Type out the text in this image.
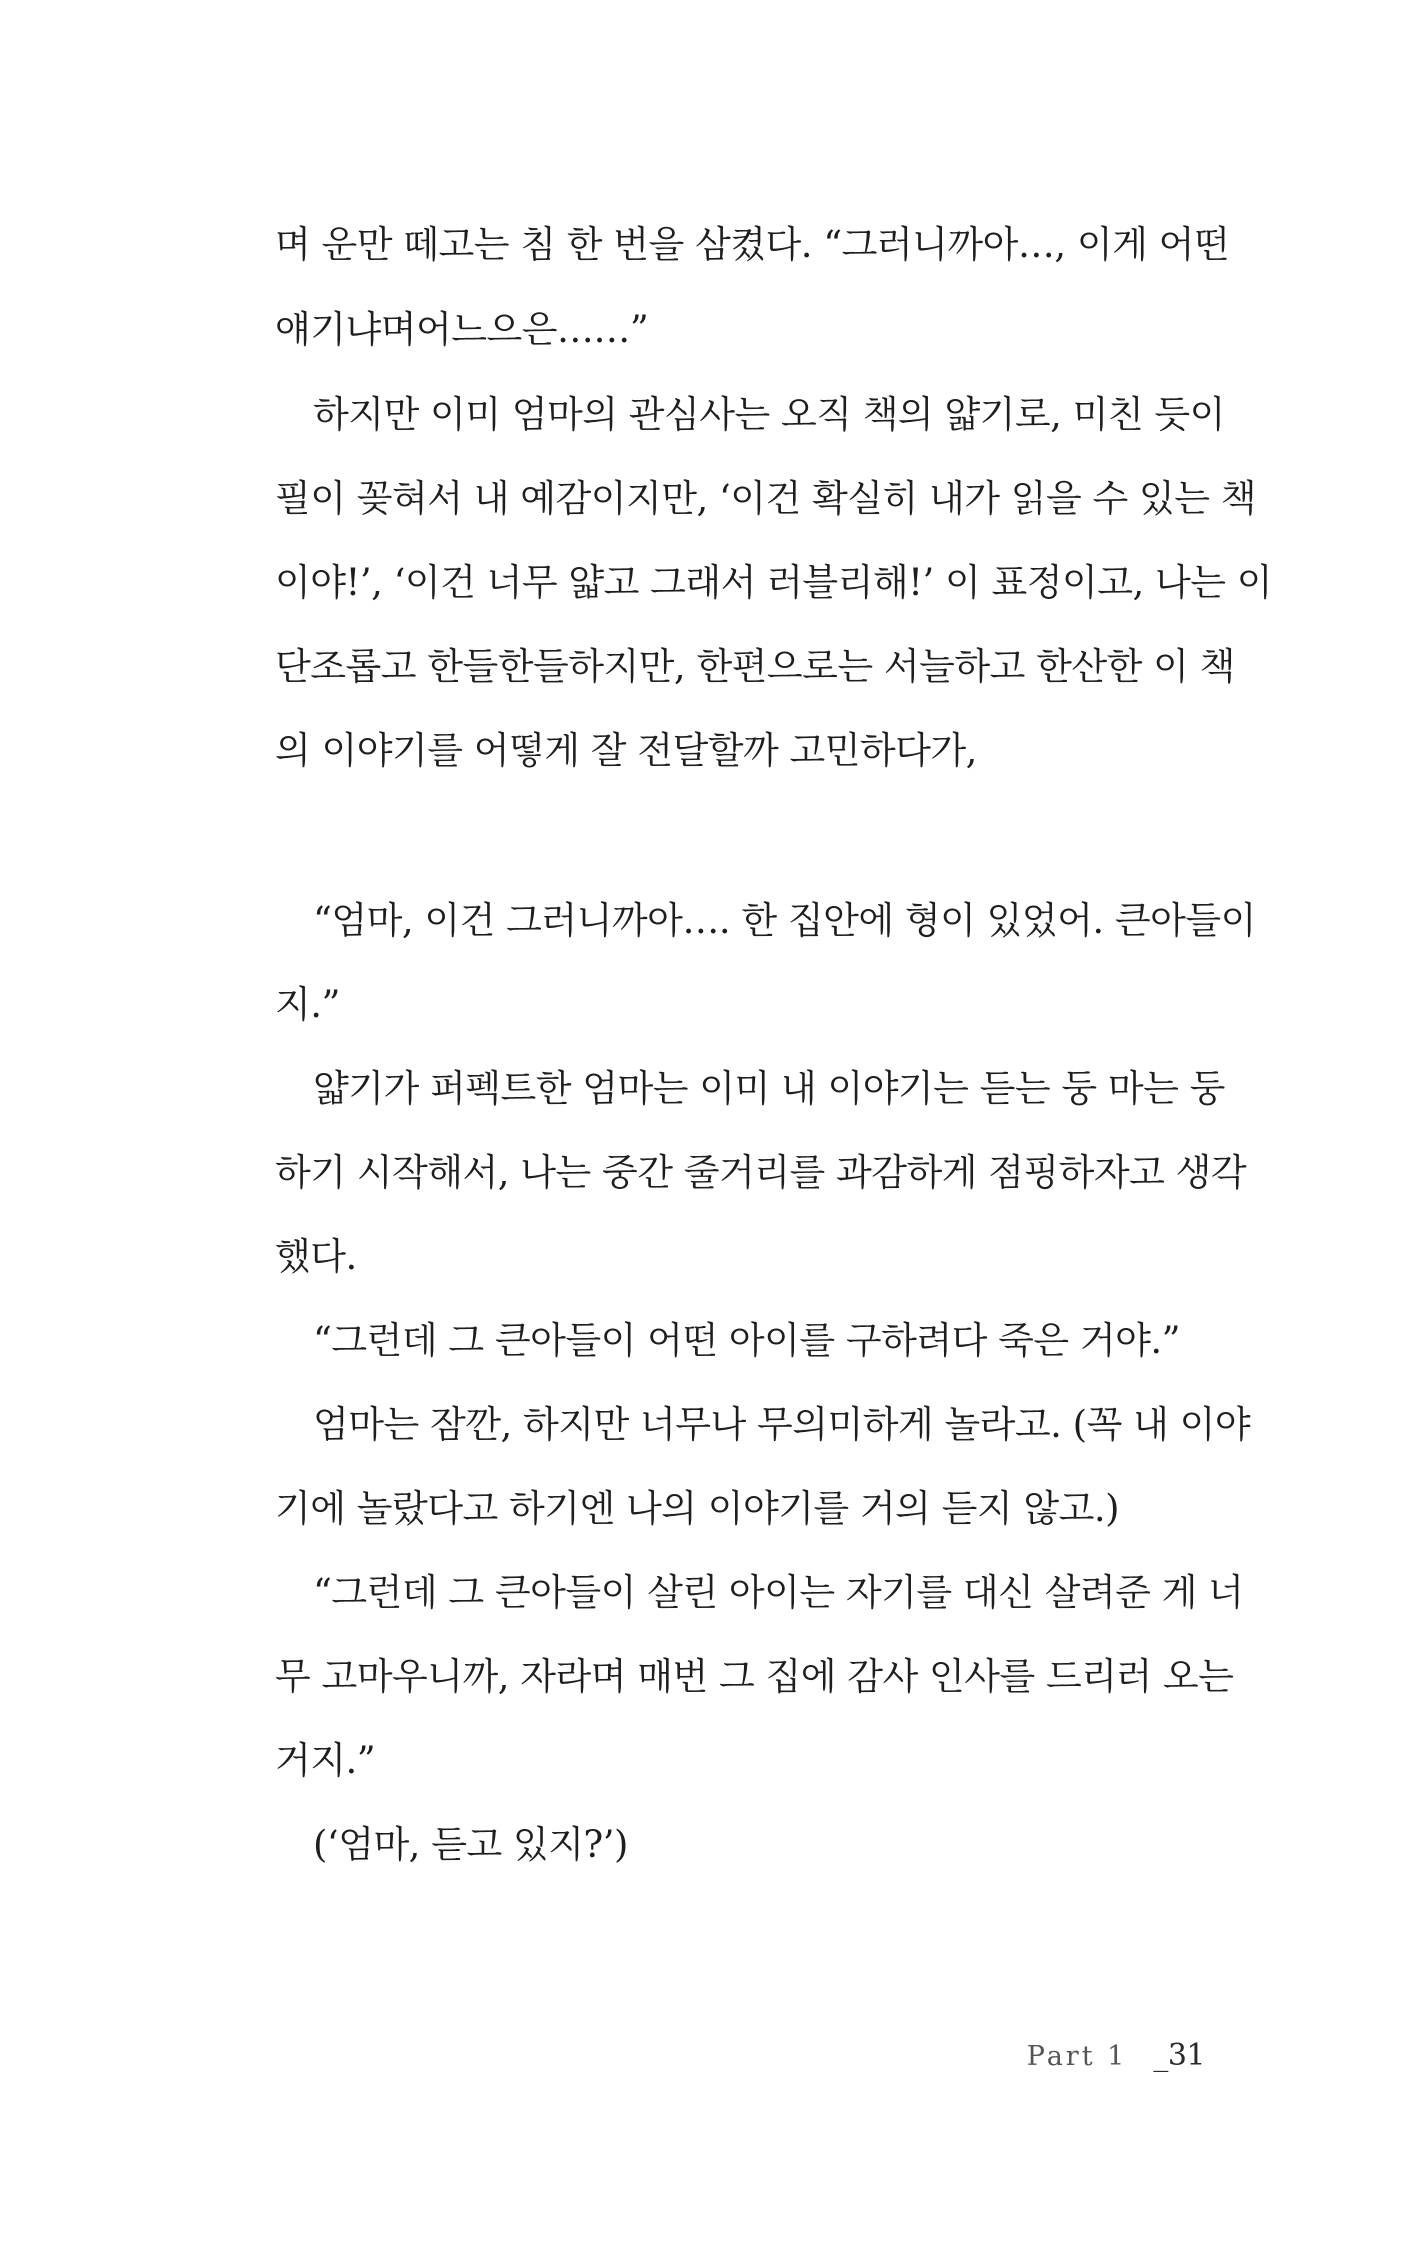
며 운만 떼고는 침 한 번을 삼켰다. “그러니까아…, 이게 어떤
얘기냐며어느으은……”
하지만 이미 엄마의 관심사는 오직 책의 얇기로, 미친 듯이
필이 꽂혀서 내 예감이지만, ‘이건 확실히 내가 읽을 수 있는 책
이야!’, ‘이건 너무 얇고 그래서 러블리해!’ 이 표정이고, 나는 이
단조롭고 한들한들하지만, 한편으로는 서늘하고 한산한 이 책
의 이야기를 어떻게 잘 전달할까 고민하다가,
“엄마, 이건 그러니까아…. 한 집안에 형이 있었어. 큰아들이
지.”
얇기가 퍼펙트한 엄마는 이미 내 이야기는 듣는 둥 마는 둥
하기 시작해서, 나는 중간 줄거리를 과감하게 점핑하자고 생각
했다.
“그런데 그 큰아들이 어떤 아이를 구하려다 죽은 거야.”
엄마는 잠깐, 하지만 너무나 무의미하게 놀라고. (꼭 내 이야
기에 놀랐다고 하기엔 나의 이야기를 거의 듣지 않고.)
“그런데 그 큰아들이 살린 아이는 자기를 대신 살려준 게 너
무 고마우니까, 자라며 매번 그 집에 감사 인사를 드리러 오는
거지.”
(‘엄마, 듣고 있지?’)
Part 1 _31
